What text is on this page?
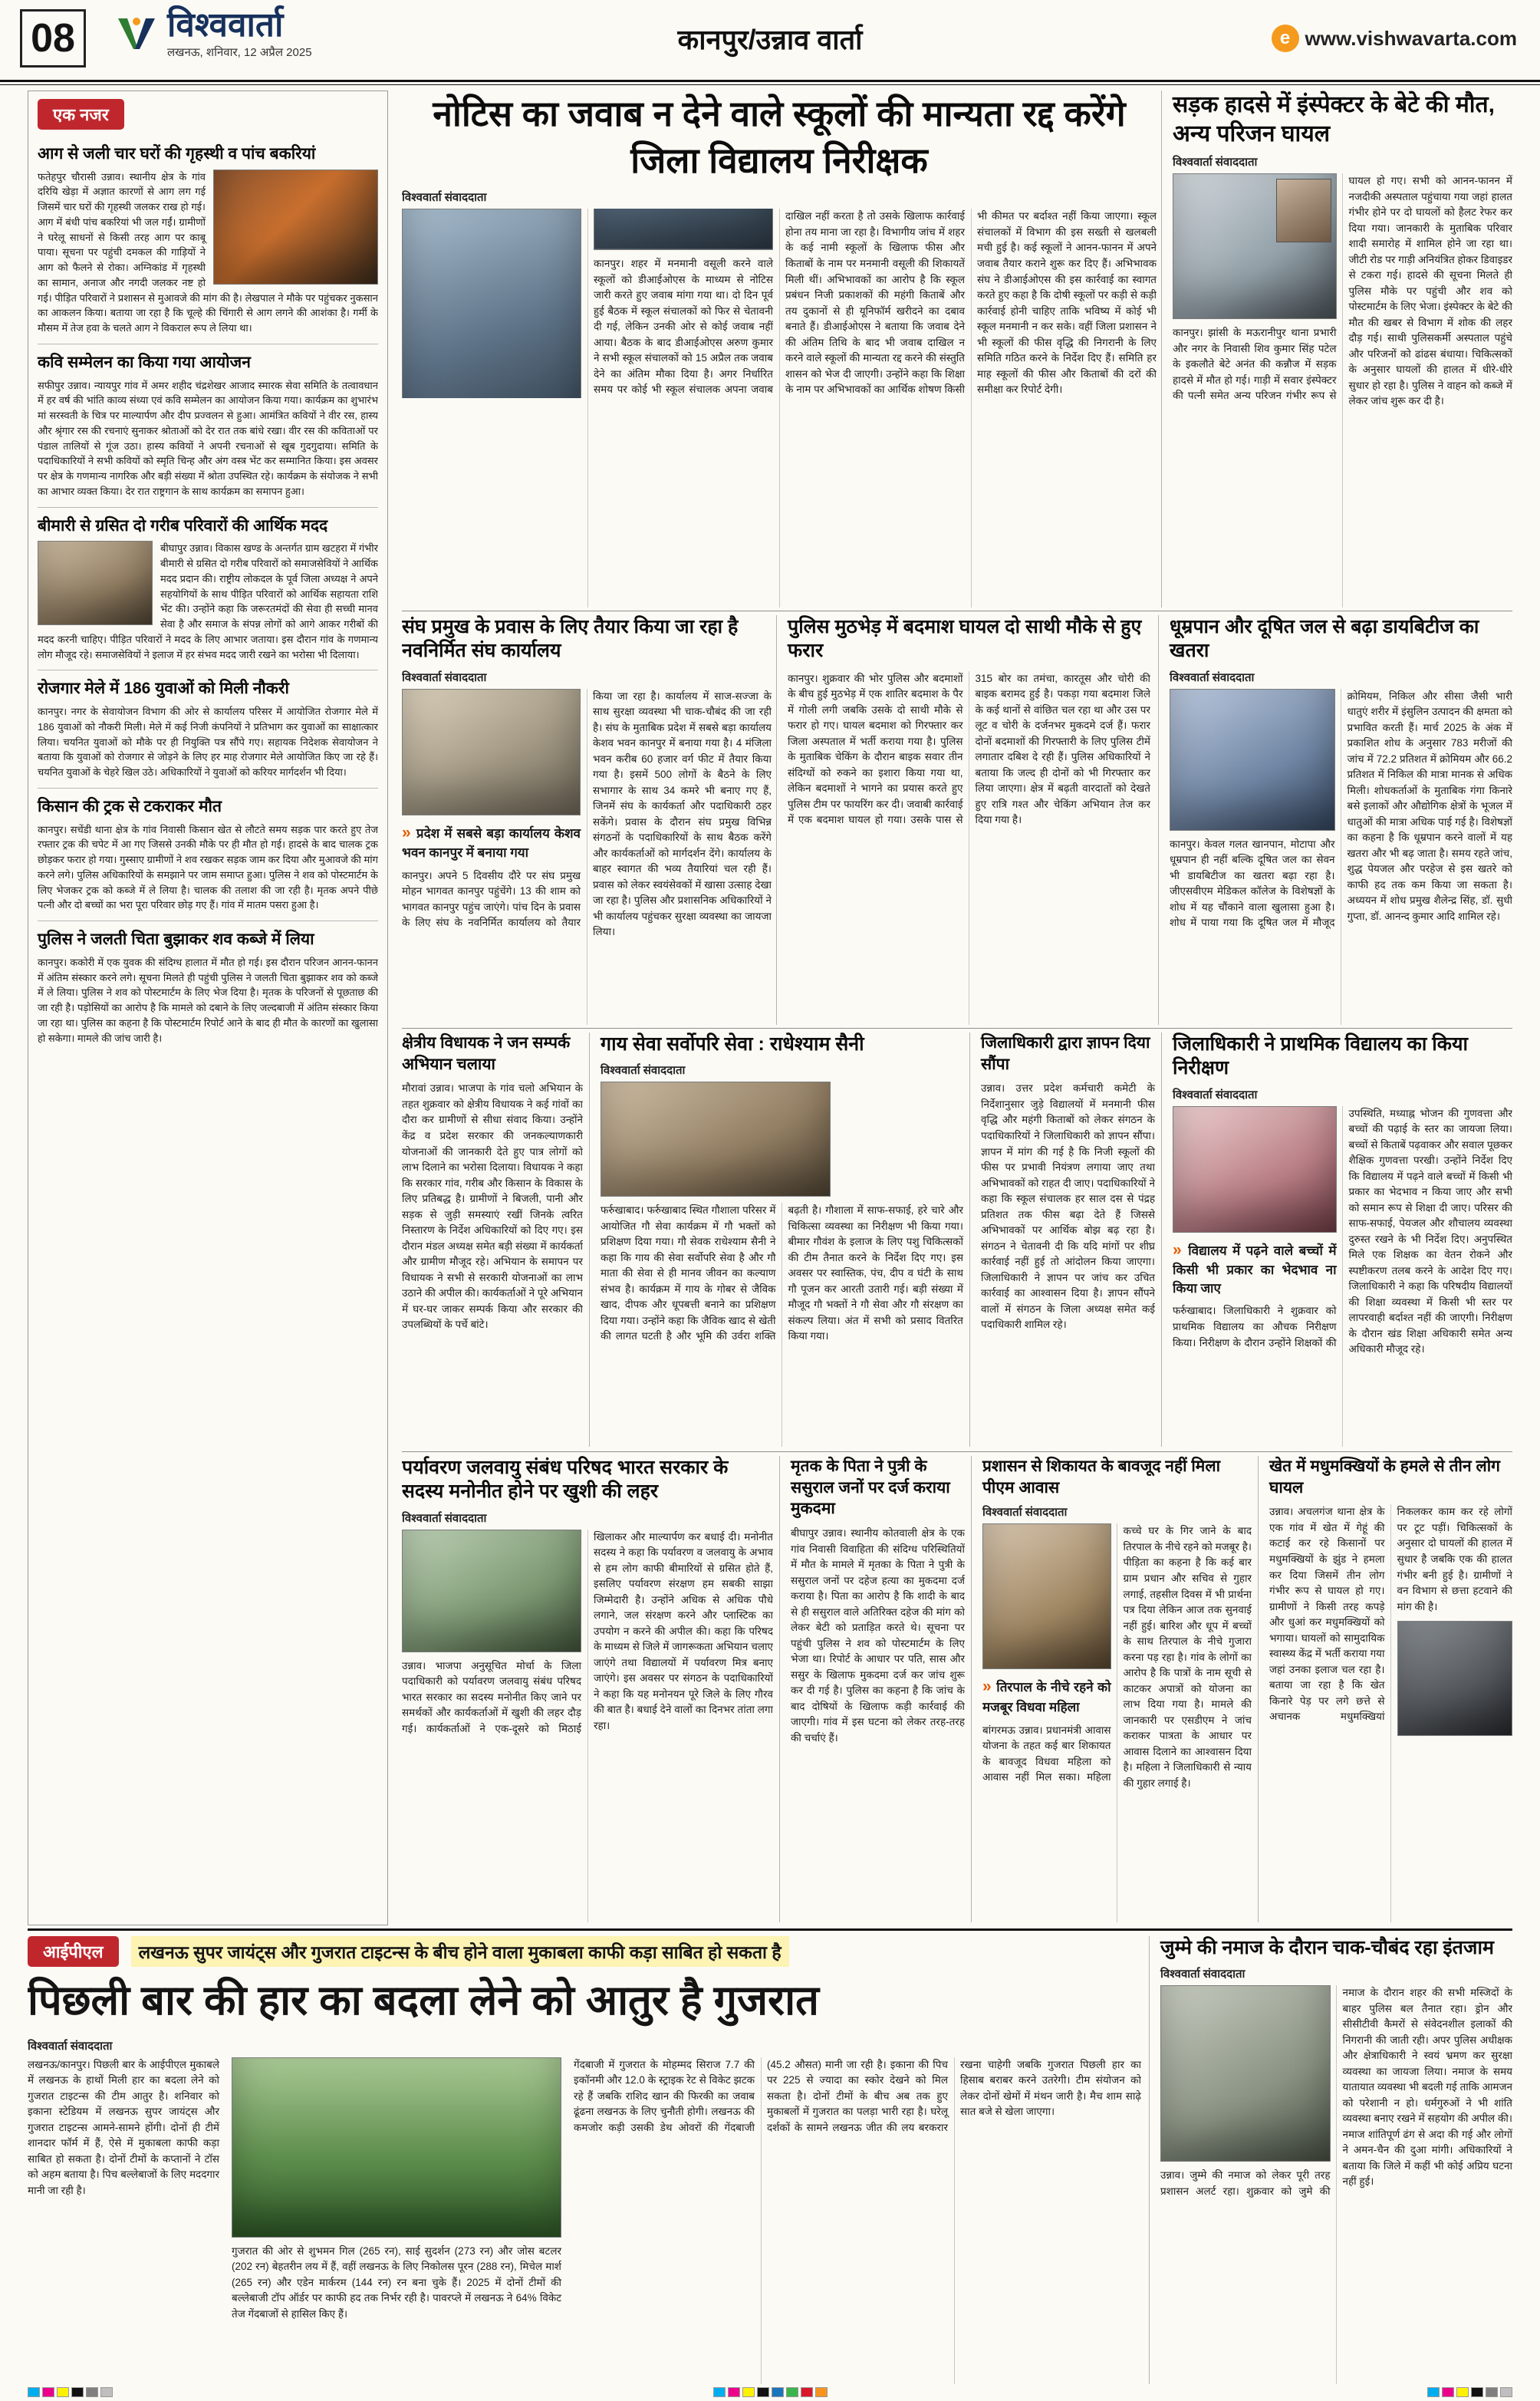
08	विश्ववार्ता
लखनऊ, शनिवार, 12 अप्रैल 2025	कानपुर/उन्नाव वार्ता	e www.vishwavarta.com
एक नजर
आग से जली चार घरों की गृहस्थी व पांच बकरियां
फतेहपुर चौरासी उन्नाव। स्थानीय क्षेत्र के गांव दरियि खेड़ा में अज्ञात कारणों से आग लग गई जिसमें चार घरों की गृहस्थी जलकर राख हो गई। आग में बंधी पांच बकरियां भी जल गईं। ग्रामीणों ने घरेलू साधनों से किसी तरह आग पर काबू पाया। सूचना पर पहुंची दमकल की गाड़ियों ने आग को फैलने से रोका। अग्निकांड में गृहस्थी का सामान, अनाज और नगदी जलकर नष्ट हो गई। पीड़ित परिवारों ने प्रशासन से मुआवजे की मांग की है। लेखपाल ने मौके पर पहुंचकर नुकसान का आकलन किया। बताया जा रहा है कि चूल्हे की चिंगारी से आग लगने की आशंका है। गर्मी के मौसम में तेज हवा के चलते आग ने विकराल रूप ले लिया था।
कवि सम्मेलन का किया गया आयोजन
सफीपुर उन्नाव। न्यायपुर गांव में अमर शहीद चंद्रशेखर आजाद स्मारक सेवा समिति के तत्वावधान में हर वर्ष की भांति काव्य संध्या एवं कवि सम्मेलन का आयोजन किया गया। कार्यक्रम का शुभारंभ मां सरस्वती के चित्र पर माल्यार्पण और दीप प्रज्वलन से हुआ। आमंत्रित कवियों ने वीर रस, हास्य और श्रृंगार रस की रचनाएं सुनाकर श्रोताओं को देर रात तक बांधे रखा। वीर रस की कविताओं पर पंडाल तालियों से गूंज उठा। हास्य कवियों ने अपनी रचनाओं से खूब गुदगुदाया। समिति के पदाधिकारियों ने सभी कवियों को स्मृति चिन्ह और अंग वस्त्र भेंट कर सम्मानित किया। इस अवसर पर क्षेत्र के गणमान्य नागरिक और बड़ी संख्या में श्रोता उपस्थित रहे। कार्यक्रम के संयोजक ने सभी का आभार व्यक्त किया। देर रात राष्ट्रगान के साथ कार्यक्रम का समापन हुआ।
बीमारी से ग्रसित दो गरीब परिवारों की आर्थिक मदद
बीघापुर उन्नाव। विकास खण्ड के अन्तर्गत ग्राम खटहरा में गंभीर बीमारी से ग्रसित दो गरीब परिवारों को समाजसेवियों ने आर्थिक मदद प्रदान की। राष्ट्रीय लोकदल के पूर्व जिला अध्यक्ष ने अपने सहयोगियों के साथ पीड़ित परिवारों को आर्थिक सहायता राशि भेंट की। उन्होंने कहा कि जरूरतमंदों की सेवा ही सच्ची मानव सेवा है और समाज के संपन्न लोगों को आगे आकर गरीबों की मदद करनी चाहिए। पीड़ित परिवारों ने मदद के लिए आभार जताया। इस दौरान गांव के गणमान्य लोग मौजूद रहे। समाजसेवियों ने इलाज में हर संभव मदद जारी रखने का भरोसा भी दिलाया।
रोजगार मेले में 186 युवाओं को मिली नौकरी
कानपुर। नगर के सेवायोजन विभाग की ओर से कार्यालय परिसर में आयोजित रोजगार मेले में 186 युवाओं को नौकरी मिली। मेले में कई निजी कंपनियों ने प्रतिभाग कर युवाओं का साक्षात्कार लिया। चयनित युवाओं को मौके पर ही नियुक्ति पत्र सौंपे गए। सहायक निदेशक सेवायोजन ने बताया कि युवाओं को रोजगार से जोड़ने के लिए हर माह रोजगार मेले आयोजित किए जा रहे हैं। चयनित युवाओं के चेहरे खिल उठे। अधिकारियों ने युवाओं को करियर मार्गदर्शन भी दिया।
किसान की ट्रक से टकराकर मौत
कानपुर। सचेंडी थाना क्षेत्र के गांव निवासी किसान खेत से लौटते समय सड़क पार करते हुए तेज रफ्तार ट्रक की चपेट में आ गए जिससे उनकी मौके पर ही मौत हो गई। हादसे के बाद चालक ट्रक छोड़कर फरार हो गया। गुस्साए ग्रामीणों ने शव रखकर सड़क जाम कर दिया और मुआवजे की मांग करने लगे। पुलिस अधिकारियों के समझाने पर जाम समाप्त हुआ। पुलिस ने शव को पोस्टमार्टम के लिए भेजकर ट्रक को कब्जे में ले लिया है। चालक की तलाश की जा रही है। मृतक अपने पीछे पत्नी और दो बच्चों का भरा पूरा परिवार छोड़ गए हैं। गांव में मातम पसरा हुआ है।
पुलिस ने जलती चिता बुझाकर शव कब्जे में लिया
कानपुर। ककोरी में एक युवक की संदिग्ध हालात में मौत हो गई। इस दौरान परिजन आनन-फानन में अंतिम संस्कार करने लगे। सूचना मिलते ही पहुंची पुलिस ने जलती चिता बुझाकर शव को कब्जे में ले लिया। पुलिस ने शव को पोस्टमार्टम के लिए भेज दिया है। मृतक के परिजनों से पूछताछ की जा रही है। पड़ोसियों का आरोप है कि मामले को दबाने के लिए जल्दबाजी में अंतिम संस्कार किया जा रहा था। पुलिस का कहना है कि पोस्टमार्टम रिपोर्ट आने के बाद ही मौत के कारणों का खुलासा हो सकेगा। मामले की जांच जारी है।
नोटिस का जवाब न देने वाले स्कूलों की मान्यता रद्द करेंगे जिला विद्यालय निरीक्षक
विश्ववार्ता संवाददाता
कानपुर। शहर में मनमानी वसूली करने वाले स्कूलों को डीआईओएस के माध्यम से नोटिस जारी करते हुए जवाब मांगा गया था। दो दिन पूर्व हुई बैठक में स्कूल संचालकों को फिर से चेतावनी दी गई, लेकिन उनकी ओर से कोई जवाब नहीं आया। बैठक के बाद डीआईओएस अरुण कुमार ने सभी स्कूल संचालकों को 15 अप्रैल तक जवाब देने का अंतिम मौका दिया है। अगर निर्धारित समय पर कोई भी स्कूल संचालक अपना जवाब दाखिल नहीं करता है तो उसके खिलाफ कार्रवाई होना तय माना जा रहा है। विभागीय जांच में शहर के कई नामी स्कूलों के खिलाफ फीस और किताबों के नाम पर मनमानी वसूली की शिकायतें मिली थीं। अभिभावकों का आरोप है कि स्कूल प्रबंधन निजी प्रकाशकों की महंगी किताबें और तय दुकानों से ही यूनिफॉर्म खरीदने का दबाव बनाते हैं। डीआईओएस ने बताया कि जवाब देने की अंतिम तिथि के बाद भी जवाब दाखिल न करने वाले स्कूलों की मान्यता रद्द करने की संस्तुति शासन को भेज दी जाएगी। उन्होंने कहा कि शिक्षा के नाम पर अभिभावकों का आर्थिक शोषण किसी भी कीमत पर बर्दाश्त नहीं किया जाएगा। स्कूल संचालकों में विभाग की इस सख्ती से खलबली मची हुई है। कई स्कूलों ने आनन-फानन में अपने जवाब तैयार कराने शुरू कर दिए हैं। अभिभावक संघ ने डीआईओएस की इस कार्रवाई का स्वागत करते हुए कहा है कि दोषी स्कूलों पर कड़ी से कड़ी कार्रवाई होनी चाहिए ताकि भविष्य में कोई भी स्कूल मनमानी न कर सके। वहीं जिला प्रशासन ने भी स्कूलों की फीस वृद्धि की निगरानी के लिए समिति गठित करने के निर्देश दिए हैं। समिति हर माह स्कूलों की फीस और किताबों की दरों की समीक्षा कर रिपोर्ट देगी।
सड़क हादसे में इंस्पेक्टर के बेटे की मौत, अन्य परिजन घायल
विश्ववार्ता संवाददाता
कानपुर। झांसी के मऊरानीपुर थाना प्रभारी और नगर के निवासी शिव कुमार सिंह पटेल के इकलौते बेटे अनंत की कन्नौज में सड़क हादसे में मौत हो गई। गाड़ी में सवार इंस्पेक्टर की पत्नी समेत अन्य परिजन गंभीर रूप से घायल हो गए। सभी को आनन-फानन में नजदीकी अस्पताल पहुंचाया गया जहां हालत गंभीर होने पर दो घायलों को हैलट रेफर कर दिया गया। जानकारी के मुताबिक परिवार शादी समारोह में शामिल होने जा रहा था। जीटी रोड पर गाड़ी अनियंत्रित होकर डिवाइडर से टकरा गई। हादसे की सूचना मिलते ही पुलिस मौके पर पहुंची और शव को पोस्टमार्टम के लिए भेजा। इंस्पेक्टर के बेटे की मौत की खबर से विभाग में शोक की लहर दौड़ गई। साथी पुलिसकर्मी अस्पताल पहुंचे और परिजनों को ढांढस बंधाया। चिकित्सकों के अनुसार घायलों की हालत में धीरे-धीरे सुधार हो रहा है। पुलिस ने वाहन को कब्जे में लेकर जांच शुरू कर दी है।
संघ प्रमुख के प्रवास के लिए तैयार किया जा रहा है नवनिर्मित संघ कार्यालय
विश्ववार्ता संवाददाता

» प्रदेश में सबसे बड़ा कार्यालय केशव भवन कानपुर में बनाया गया

कानपुर। अपने 5 दिवसीय दौरे पर संघ प्रमुख मोहन भागवत कानपुर पहुंचेंगे। 13 की शाम को भागवत कानपुर पहुंच जाएंगे। पांच दिन के प्रवास के लिए संघ के नवनिर्मित कार्यालय को तैयार किया जा रहा है। कार्यालय में साज-सज्जा के साथ सुरक्षा व्यवस्था भी चाक-चौबंद की जा रही है। संघ के मुताबिक प्रदेश में सबसे बड़ा कार्यालय केशव भवन कानपुर में बनाया गया है। 4 मंजिला भवन करीब 60 हजार वर्ग फीट में तैयार किया गया है। इसमें 500 लोगों के बैठने के लिए सभागार के साथ 34 कमरे भी बनाए गए हैं, जिनमें संघ के कार्यकर्ता और पदाधिकारी ठहर सकेंगे। प्रवास के दौरान संघ प्रमुख विभिन्न संगठनों के पदाधिकारियों के साथ बैठक करेंगे और कार्यकर्ताओं को मार्गदर्शन देंगे। कार्यालय के बाहर स्वागत की भव्य तैयारियां चल रही हैं। प्रवास को लेकर स्वयंसेवकों में खासा उत्साह देखा जा रहा है। पुलिस और प्रशासनिक अधिकारियों ने भी कार्यालय पहुंचकर सुरक्षा व्यवस्था का जायजा लिया।
पुलिस मुठभेड़ में बदमाश घायल दो साथी मौके से हुए फरार
कानपुर। शुक्रवार की भोर पुलिस और बदमाशों के बीच हुई मुठभेड़ में एक शातिर बदमाश के पैर में गोली लगी जबकि उसके दो साथी मौके से फरार हो गए। घायल बदमाश को गिरफ्तार कर जिला अस्पताल में भर्ती कराया गया है। पुलिस के मुताबिक चेकिंग के दौरान बाइक सवार तीन संदिग्धों को रुकने का इशारा किया गया था, लेकिन बदमाशों ने भागने का प्रयास करते हुए पुलिस टीम पर फायरिंग कर दी। जवाबी कार्रवाई में एक बदमाश घायल हो गया। उसके पास से 315 बोर का तमंचा, कारतूस और चोरी की बाइक बरामद हुई है। पकड़ा गया बदमाश जिले के कई थानों से वांछित चल रहा था और उस पर लूट व चोरी के दर्जनभर मुकदमे दर्ज हैं। फरार दोनों बदमाशों की गिरफ्तारी के लिए पुलिस टीमें लगातार दबिश दे रही हैं। पुलिस अधिकारियों ने बताया कि जल्द ही दोनों को भी गिरफ्तार कर लिया जाएगा। क्षेत्र में बढ़ती वारदातों को देखते हुए रात्रि गश्त और चेकिंग अभियान तेज कर दिया गया है।
धूम्रपान और दूषित जल से बढ़ा डायबिटीज का खतरा
विश्ववार्ता संवाददाता
कानपुर। केवल गलत खानपान, मोटापा और धूम्रपान ही नहीं बल्कि दूषित जल का सेवन भी डायबिटीज का खतरा बढ़ा रहा है। जीएसवीएम मेडिकल कॉलेज के विशेषज्ञों के शोध में यह चौंकाने वाला खुलासा हुआ है। शोध में पाया गया कि दूषित जल में मौजूद क्रोमियम, निकिल और सीसा जैसी भारी धातुएं शरीर में इंसुलिन उत्पादन की क्षमता को प्रभावित करती हैं। मार्च 2025 के अंक में प्रकाशित शोध के अनुसार 783 मरीजों की जांच में 72.2 प्रतिशत में क्रोमियम और 66.2 प्रतिशत में निकिल की मात्रा मानक से अधिक मिली। शोधकर्ताओं के मुताबिक गंगा किनारे बसे इलाकों और औद्योगिक क्षेत्रों के भूजल में धातुओं की मात्रा अधिक पाई गई है। विशेषज्ञों का कहना है कि धूम्रपान करने वालों में यह खतरा और भी बढ़ जाता है। समय रहते जांच, शुद्ध पेयजल और परहेज से इस खतरे को काफी हद तक कम किया जा सकता है। अध्ययन में शोध प्रमुख शैलेन्द्र सिंह, डॉ. सुधी गुप्ता, डॉ. आनन्द कुमार आदि शामिल रहे।
क्षेत्रीय विधायक ने जन सम्पर्क अभियान चलाया
मौरावां उन्नाव। भाजपा के गांव चलो अभियान के तहत शुक्रवार को क्षेत्रीय विधायक ने कई गांवों का दौरा कर ग्रामीणों से सीधा संवाद किया। उन्होंने केंद्र व प्रदेश सरकार की जनकल्याणकारी योजनाओं की जानकारी देते हुए पात्र लोगों को लाभ दिलाने का भरोसा दिलाया। विधायक ने कहा कि सरकार गांव, गरीब और किसान के विकास के लिए प्रतिबद्ध है। ग्रामीणों ने बिजली, पानी और सड़क से जुड़ी समस्याएं रखीं जिनके त्वरित निस्तारण के निर्देश अधिकारियों को दिए गए। इस दौरान मंडल अध्यक्ष समेत बड़ी संख्या में कार्यकर्ता और ग्रामीण मौजूद रहे। अभियान के समापन पर विधायक ने सभी से सरकारी योजनाओं का लाभ उठाने की अपील की। कार्यकर्ताओं ने पूरे अभियान में घर-घर जाकर सम्पर्क किया और सरकार की उपलब्धियों के पर्चे बांटे।
गाय सेवा सर्वोपरि सेवा : राधेश्याम सैनी
विश्ववार्ता संवाददाता
फर्रुखाबाद। फर्रुखाबाद स्थित गौशाला परिसर में आयोजित गौ सेवा कार्यक्रम में गौ भक्तों को प्रशिक्षण दिया गया। गौ सेवक राधेश्याम सैनी ने कहा कि गाय की सेवा सर्वोपरि सेवा है और गौ माता की सेवा से ही मानव जीवन का कल्याण संभव है। कार्यक्रम में गाय के गोबर से जैविक खाद, दीपक और धूपबत्ती बनाने का प्रशिक्षण दिया गया। उन्होंने कहा कि जैविक खाद से खेती की लागत घटती है और भूमि की उर्वरा शक्ति बढ़ती है। गौशाला में साफ-सफाई, हरे चारे और चिकित्सा व्यवस्था का निरीक्षण भी किया गया। बीमार गौवंश के इलाज के लिए पशु चिकित्सकों की टीम तैनात करने के निर्देश दिए गए। इस अवसर पर स्वास्तिक, पंच, दीप व घंटी के साथ गौ पूजन कर आरती उतारी गई। बड़ी संख्या में मौजूद गौ भक्तों ने गौ सेवा और गौ संरक्षण का संकल्प लिया। अंत में सभी को प्रसाद वितरित किया गया।
जिलाधिकारी द्वारा ज्ञापन दिया सौंपा
उन्नाव। उत्तर प्रदेश कर्मचारी कमेटी के निर्देशानुसार जुड़े विद्यालयों में मनमानी फीस वृद्धि और महंगी किताबों को लेकर संगठन के पदाधिकारियों ने जिलाधिकारी को ज्ञापन सौंपा। ज्ञापन में मांग की गई है कि निजी स्कूलों की फीस पर प्रभावी नियंत्रण लगाया जाए तथा अभिभावकों को राहत दी जाए। पदाधिकारियों ने कहा कि स्कूल संचालक हर साल दस से पंद्रह प्रतिशत तक फीस बढ़ा देते हैं जिससे अभिभावकों पर आर्थिक बोझ बढ़ रहा है। संगठन ने चेतावनी दी कि यदि मांगों पर शीघ्र कार्रवाई नहीं हुई तो आंदोलन किया जाएगा। जिलाधिकारी ने ज्ञापन पर जांच कर उचित कार्रवाई का आश्वासन दिया है। ज्ञापन सौंपने वालों में संगठन के जिला अध्यक्ष समेत कई पदाधिकारी शामिल रहे।
जिलाधिकारी ने प्राथमिक विद्यालय का किया निरीक्षण
विश्ववार्ता संवाददाता

» विद्यालय में पढ़ने वाले बच्चों में किसी भी प्रकार का भेदभाव ना किया जाए

फर्रुखाबाद। जिलाधिकारी ने शुक्रवार को प्राथमिक विद्यालय का औचक निरीक्षण किया। निरीक्षण के दौरान उन्होंने शिक्षकों की उपस्थिति, मध्याह्न भोजन की गुणवत्ता और बच्चों की पढ़ाई के स्तर का जायजा लिया। बच्चों से किताबें पढ़वाकर और सवाल पूछकर शैक्षिक गुणवत्ता परखी। उन्होंने निर्देश दिए कि विद्यालय में पढ़ने वाले बच्चों में किसी भी प्रकार का भेदभाव न किया जाए और सभी को समान रूप से शिक्षा दी जाए। परिसर की साफ-सफाई, पेयजल और शौचालय व्यवस्था दुरुस्त रखने के भी निर्देश दिए। अनुपस्थित मिले एक शिक्षक का वेतन रोकने और स्पष्टीकरण तलब करने के आदेश दिए गए। जिलाधिकारी ने कहा कि परिषदीय विद्यालयों की शिक्षा व्यवस्था में किसी भी स्तर पर लापरवाही बर्दाश्त नहीं की जाएगी। निरीक्षण के दौरान खंड शिक्षा अधिकारी समेत अन्य अधिकारी मौजूद रहे।
पर्यावरण जलवायु संबंध परिषद भारत सरकार के सदस्य मनोनीत होने पर खुशी की लहर
विश्ववार्ता संवाददाता
उन्नाव। भाजपा अनुसूचित मोर्चा के जिला पदाधिकारी को पर्यावरण जलवायु संबंध परिषद भारत सरकार का सदस्य मनोनीत किए जाने पर समर्थकों और कार्यकर्ताओं में खुशी की लहर दौड़ गई। कार्यकर्ताओं ने एक-दूसरे को मिठाई खिलाकर और माल्यार्पण कर बधाई दी। मनोनीत सदस्य ने कहा कि पर्यावरण व जलवायु के अभाव से हम लोग काफी बीमारियों से ग्रसित होते हैं, इसलिए पर्यावरण संरक्षण हम सबकी साझा जिम्मेदारी है। उन्होंने अधिक से अधिक पौधे लगाने, जल संरक्षण करने और प्लास्टिक का उपयोग न करने की अपील की। कहा कि परिषद के माध्यम से जिले में जागरूकता अभियान चलाए जाएंगे तथा विद्यालयों में पर्यावरण मित्र बनाए जाएंगे। इस अवसर पर संगठन के पदाधिकारियों ने कहा कि यह मनोनयन पूरे जिले के लिए गौरव की बात है। बधाई देने वालों का दिनभर तांता लगा रहा।
मृतक के पिता ने पुत्री के ससुराल जनों पर दर्ज कराया मुकदमा
बीघापुर उन्नाव। स्थानीय कोतवाली क्षेत्र के एक गांव निवासी विवाहिता की संदिग्ध परिस्थितियों में मौत के मामले में मृतका के पिता ने पुत्री के ससुराल जनों पर दहेज हत्या का मुकदमा दर्ज कराया है। पिता का आरोप है कि शादी के बाद से ही ससुराल वाले अतिरिक्त दहेज की मांग को लेकर बेटी को प्रताड़ित करते थे। सूचना पर पहुंची पुलिस ने शव को पोस्टमार्टम के लिए भेजा था। रिपोर्ट के आधार पर पति, सास और ससुर के खिलाफ मुकदमा दर्ज कर जांच शुरू कर दी गई है। पुलिस का कहना है कि जांच के बाद दोषियों के खिलाफ कड़ी कार्रवाई की जाएगी। गांव में इस घटना को लेकर तरह-तरह की चर्चाएं हैं।
प्रशासन से शिकायत के बावजूद नहीं मिला पीएम आवास
विश्ववार्ता संवाददाता

» तिरपाल के नीचे रहने को मजबूर विधवा महिला

बांगरमऊ उन्नाव। प्रधानमंत्री आवास योजना के तहत कई बार शिकायत के बावजूद विधवा महिला को आवास नहीं मिल सका। महिला कच्चे घर के गिर जाने के बाद तिरपाल के नीचे रहने को मजबूर है। पीड़िता का कहना है कि कई बार ग्राम प्रधान और सचिव से गुहार लगाई, तहसील दिवस में भी प्रार्थना पत्र दिया लेकिन आज तक सुनवाई नहीं हुई। बारिश और धूप में बच्चों के साथ तिरपाल के नीचे गुजारा करना पड़ रहा है। गांव के लोगों का आरोप है कि पात्रों के नाम सूची से काटकर अपात्रों को योजना का लाभ दिया गया है। मामले की जानकारी पर एसडीएम ने जांच कराकर पात्रता के आधार पर आवास दिलाने का आश्वासन दिया है। महिला ने जिलाधिकारी से न्याय की गुहार लगाई है।
खेत में मधुमक्खियों के हमले से तीन लोग घायल
उन्नाव। अचलगंज थाना क्षेत्र के एक गांव में खेत में गेहूं की कटाई कर रहे किसानों पर मधुमक्खियों के झुंड ने हमला कर दिया जिसमें तीन लोग गंभीर रूप से घायल हो गए। ग्रामीणों ने किसी तरह कपड़े और धुआं कर मधुमक्खियों को भगाया। घायलों को सामुदायिक स्वास्थ्य केंद्र में भर्ती कराया गया जहां उनका इलाज चल रहा है। बताया जा रहा है कि खेत किनारे पेड़ पर लगे छत्ते से अचानक मधुमक्खियां निकलकर काम कर रहे लोगों पर टूट पड़ीं। चिकित्सकों के अनुसार दो घायलों की हालत में सुधार है जबकि एक की हालत गंभीर बनी हुई है। ग्रामीणों ने वन विभाग से छत्ता हटवाने की मांग की है।
आईपीएल	लखनऊ सुपर जायंट्स और गुजरात टाइटन्स के बीच होने वाला मुकाबला काफी कड़ा साबित हो सकता है
पिछली बार की हार का बदला लेने को आतुर है गुजरात
विश्ववार्ता संवाददाता
लखनऊ/कानपुर। पिछली बार के आईपीएल मुकाबले में लखनऊ के हाथों मिली हार का बदला लेने को गुजरात टाइटन्स की टीम आतुर है। शनिवार को इकाना स्टेडियम में लखनऊ सुपर जायंट्स और गुजरात टाइटन्स आमने-सामने होंगी। दोनों ही टीमें शानदार फॉर्म में हैं, ऐसे में मुकाबला काफी कड़ा साबित हो सकता है। दोनों टीमों के कप्तानों ने टॉस को अहम बताया है। पिच बल्लेबाजों के लिए मददगार मानी जा रही है।
गुजरात की ओर से शुभमन गिल (265 रन), साई सुदर्शन (273 रन) और जोस बटलर (202 रन) बेहतरीन लय में हैं, वहीं लखनऊ के लिए निकोलस पूरन (288 रन), मिचेल मार्श (265 रन) और एडेन मार्करम (144 रन) रन बना चुके हैं। 2025 में दोनों टीमों की बल्लेबाजी टॉप ऑर्डर पर काफी हद तक निर्भर रही है। पावरप्ले में लखनऊ ने 64% विकेट तेज गेंदबाजों से हासिल किए हैं।
गेंदबाजी में गुजरात के मोहम्मद सिराज 7.7 की इकॉनमी और 12.0 के स्ट्राइक रेट से विकेट झटक रहे हैं जबकि राशिद खान की फिरकी का जवाब ढूंढना लखनऊ के लिए चुनौती होगी। लखनऊ की कमजोर कड़ी उसकी डेथ ओवरों की गेंदबाजी (45.2 औसत) मानी जा रही है। इकाना की पिच पर 225 से ज्यादा का स्कोर देखने को मिल सकता है। दोनों टीमों के बीच अब तक हुए मुकाबलों में गुजरात का पलड़ा भारी रहा है। घरेलू दर्शकों के सामने लखनऊ जीत की लय बरकरार रखना चाहेगी जबकि गुजरात पिछली हार का हिसाब बराबर करने उतरेगी। टीम संयोजन को लेकर दोनों खेमों में मंथन जारी है। मैच शाम साढ़े सात बजे से खेला जाएगा।
जुम्मे की नमाज के दौरान चाक-चौबंद रहा इंतजाम
विश्ववार्ता संवाददाता
उन्नाव। जुम्मे की नमाज को लेकर पूरी तरह प्रशासन अलर्ट रहा। शुक्रवार को जुमे की नमाज के दौरान शहर की सभी मस्जिदों के बाहर पुलिस बल तैनात रहा। ड्रोन और सीसीटीवी कैमरों से संवेदनशील इलाकों की निगरानी की जाती रही। अपर पुलिस अधीक्षक और क्षेत्राधिकारी ने स्वयं भ्रमण कर सुरक्षा व्यवस्था का जायजा लिया। नमाज के समय यातायात व्यवस्था भी बदली गई ताकि आमजन को परेशानी न हो। धर्मगुरुओं ने भी शांति व्यवस्था बनाए रखने में सहयोग की अपील की। नमाज शांतिपूर्ण ढंग से अदा की गई और लोगों ने अमन-चैन की दुआ मांगी। अधिकारियों ने बताया कि जिले में कहीं भी कोई अप्रिय घटना नहीं हुई।
